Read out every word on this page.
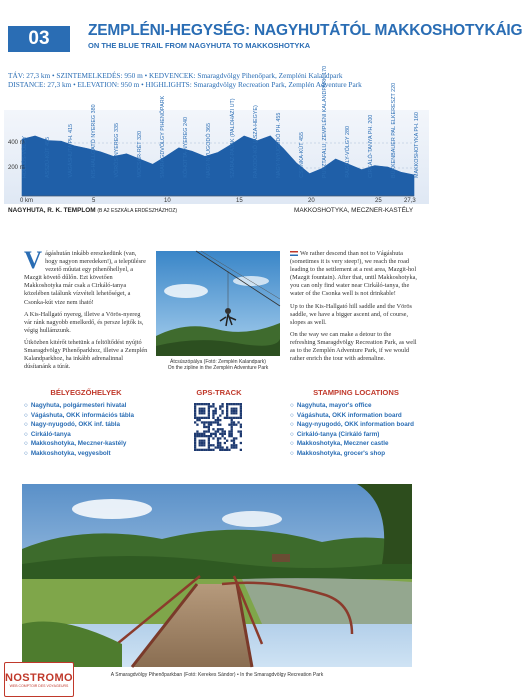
03	ZEMPLÉNI-HEGYSÉG: NAGYHUTÁTÓL MAKKOSHOTYKÁIG
ON THE BLUE TRAIL FROM NAGYHUTA TO MAKKOSHOTYKA
TÁV: 27,3 km • SZINTEMELKEDÉS: 950 m • KEDVENCEK: Smaragdvölgy Pihenőpark, Zempléni Kalandpark
DISTANCE: 27,3 km • ELEVATION: 950 m • HIGHLIGHTS: Smaragdvölgy Recreation Park, Zemplén Adventure Park
400 m
200 m
0 km	5	10	15	20	25	27,3
HOLLÓS-VÖLGY	ASSZÚ-KÚT 455	VÁGÁSHUTA PH. 415	KIS-HALLGATÓ NYEREG 380	VÖRÖS-NYEREG 335	MOCSÁR-RÉT 320	SMARAGDVÖLGY PIHENŐPARK	KŐHOTTA-NYEREG 240	NAGY-NYUGODÓ 365	SZÁRAZ-PATAK (PALOHÁZI UT)	RAKODÓ-KŐ (ÁSZA-HEGYE)	NAGY-NYUGODÓ PH. 455	CSONKA-KÚT 455	PUSZTAFALU, ZEMPLÉNI KALANDPARK 170	RAGÁLY-VÖLGY 280	CIRKÁLÓ-TANYA PH. 200	BÜKKENBAUER PAL ELKERESZT 220	MAKKOSHOTYKA PH. 160
NAGYHUTA, R. K. TEMPLOM (B A2 ESZKÁLA ERDÉSZHÁZHOZ)	MAKKOSHOTYKA, MECZNER-KASTÉLY

Vágáshután inkább ereszkedünk (van, hogy nagyon meredeken!), a településre vezető műutat egy pihenőhellyel, a Mazgit követő dűlőn. Ezt követően Makkoshotyka már csak a Cirkáló-tanya közelében találunk vízvételi lehetőséget, a Csonka-kút vize nem iható!

A Kis-Hallgató nyereg, illetve a Vörös-nyereg vár ránk nagyobb emelkedő, és persze lejtők is, végig hullámzunk.

Útközben kitérőt tehetünk a feltöltődést nyújtó Smaragdvölgy Pihenőparkhoz, illetve a Zemplén Kalandparkhoz, ha inkább adrenalinnal dúsítanánk a túrát.

Átcsúszópálya (Fotó: Zemplén Kalandpark)
On the zipline in the Zemplén Adventure Park

We rather descend than not to Vágáshuta (sometimes it is very steep!), we reach the road leading to the settlement at a rest area, Mazgit-hol (Mazgit fountain). After that, until Makkoshotyka, you can only find water near Cirkáló-tanya, the water of the Csonka well is not drinkable!

Up to the Kis-Hallgató hill saddle and the Vörös saddle, we have a bigger ascent and, of course, slopes as well.

On the way we can make a detour to the refreshing Smaragdvölgy Recreation Park, as well as to the Zemplén Adventure Park, if we would rather enrich the tour with adrenaline.

BÉLYEGZŐHELYEK
○ Nagyhuta, polgármesteri hivatal
○ Vágáshuta, OKK információs tábla
○ Nagy-nyugodó, OKK inf. tábla
○ Cirkáló-tanya
○ Makkoshotyka, Meczner-kastély
○ Makkoshotyka, vegyesbolt
GPS-TRACK	STAMPING LOCATIONS
○ Nagyhuta, mayor's office
○ Vágáshuta, OKK information board
○ Nagy-nyugodó, OKK information board
○ Cirkáló-tanya (Cirkáló farm)
○ Makkoshotyka, Meczner castle
○ Makkoshotyka, grocer's shop
A Smaragdvölgy Pihenőparkban (Fotó: Kerekes Sándor) • In the Smaragdvölgy Recreation Park
NOSTROMO
WEB COMPTOIR DES VOYAGEURS
